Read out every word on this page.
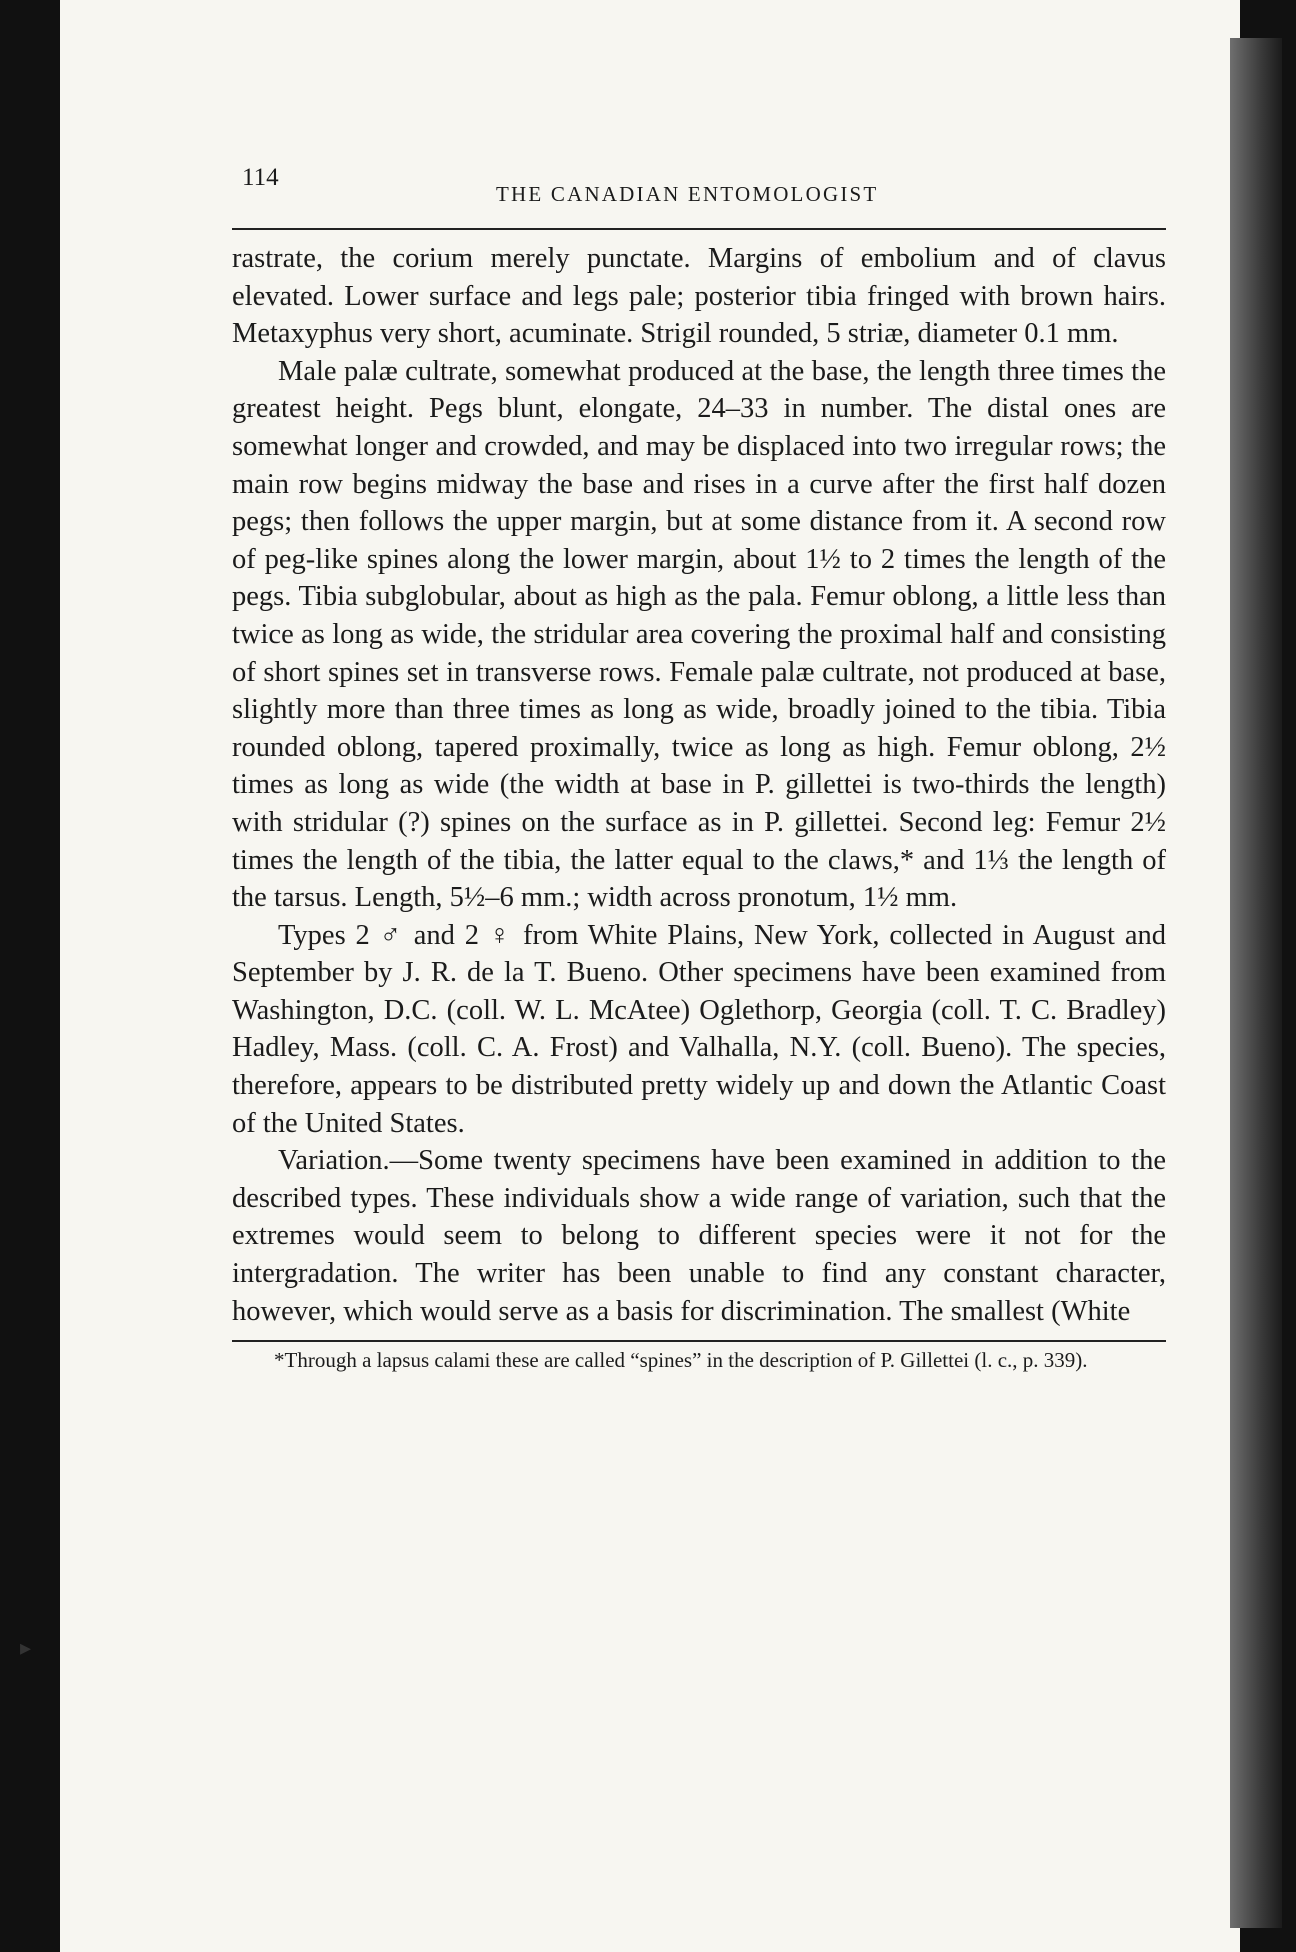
114
THE CANADIAN ENTOMOLOGIST

rastrate, the corium merely punctate. Margins of embolium and of clavus elevated. Lower surface and legs pale; posterior tibia fringed with brown hairs. Metaxyphus very short, acuminate. Strigil rounded, 5 striæ, diameter 0.1 mm.

Male palæ cultrate, somewhat produced at the base, the length three times the greatest height. Pegs blunt, elongate, 24–33 in number. The distal ones are somewhat longer and crowded, and may be displaced into two irregular rows; the main row begins midway the base and rises in a curve after the first half dozen pegs; then follows the upper margin, but at some distance from it. A second row of peg-like spines along the lower margin, about 1½ to 2 times the length of the pegs. Tibia subglobular, about as high as the pala. Femur oblong, a little less than twice as long as wide, the stridular area covering the proximal half and consisting of short spines set in transverse rows. Female palæ cultrate, not produced at base, slightly more than three times as long as wide, broadly joined to the tibia. Tibia rounded oblong, tapered proximally, twice as long as high. Femur oblong, 2½ times as long as wide (the width at base in P. gillettei is two-thirds the length) with stridular (?) spines on the surface as in P. gillettei. Second leg: Femur 2½ times the length of the tibia, the latter equal to the claws,* and 1⅓ the length of the tarsus. Length, 5½–6 mm.; width across pronotum, 1½ mm.

Types 2 ♂ and 2 ♀ from White Plains, New York, collected in August and September by J. R. de la T. Bueno. Other specimens have been examined from Washington, D.C. (coll. W. L. McAtee) Oglethorp, Georgia (coll. T. C. Bradley) Hadley, Mass. (coll. C. A. Frost) and Valhalla, N.Y. (coll. Bueno). The species, therefore, appears to be distributed pretty widely up and down the Atlantic Coast of the United States.

Variation.—Some twenty specimens have been examined in addition to the described types. These individuals show a wide range of variation, such that the extremes would seem to belong to different species were it not for the intergradation. The writer has been unable to find any constant character, however, which would serve as a basis for discrimination. The smallest (White

*Through a lapsus calami these are called “spines” in the description of P. Gillettei (l. c., p. 339).

▸
